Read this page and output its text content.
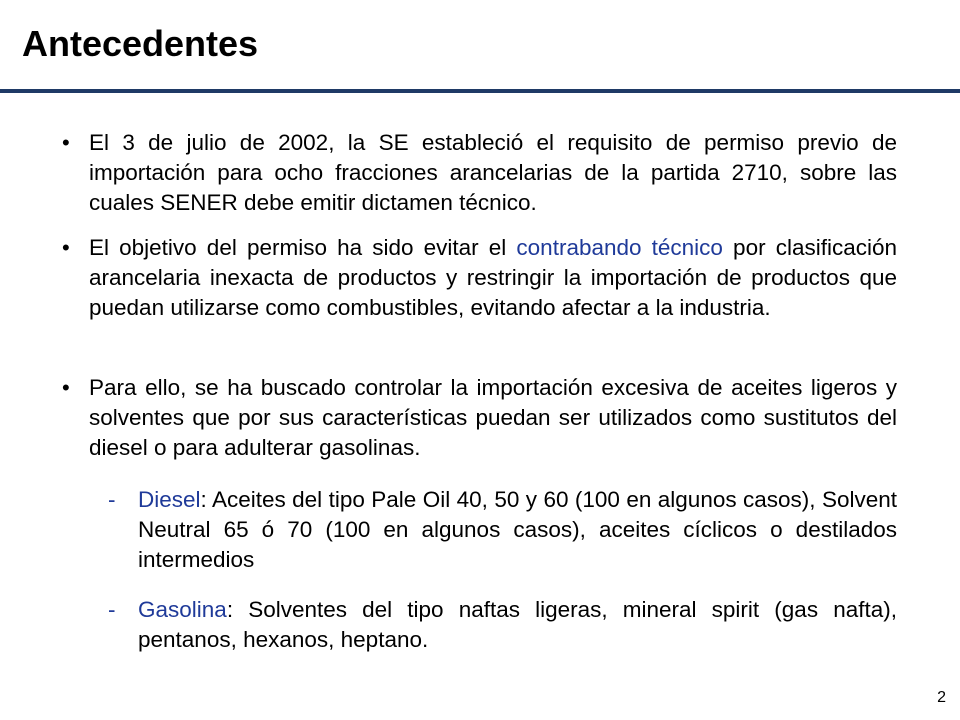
Antecedentes

• El 3 de julio de 2002, la SE estableció el requisito de permiso previo de importación para ocho fracciones arancelarias de la partida 2710, sobre las cuales SENER debe emitir dictamen técnico.

• El objetivo del permiso ha sido evitar el contrabando técnico por clasificación arancelaria inexacta de productos y restringir la importación de productos que puedan utilizarse como combustibles, evitando afectar a la industria.

• Para ello, se ha buscado controlar la importación excesiva de aceites ligeros y solventes que por sus características puedan ser utilizados como sustitutos del diesel o para adulterar gasolinas.

- Diesel: Aceites del tipo Pale Oil 40, 50 y 60 (100 en algunos casos), Solvent Neutral 65 ó 70 (100 en algunos casos), aceites cíclicos o destilados intermedios

- Gasolina: Solventes del tipo naftas ligeras, mineral spirit (gas nafta), pentanos, hexanos, heptano.

2
